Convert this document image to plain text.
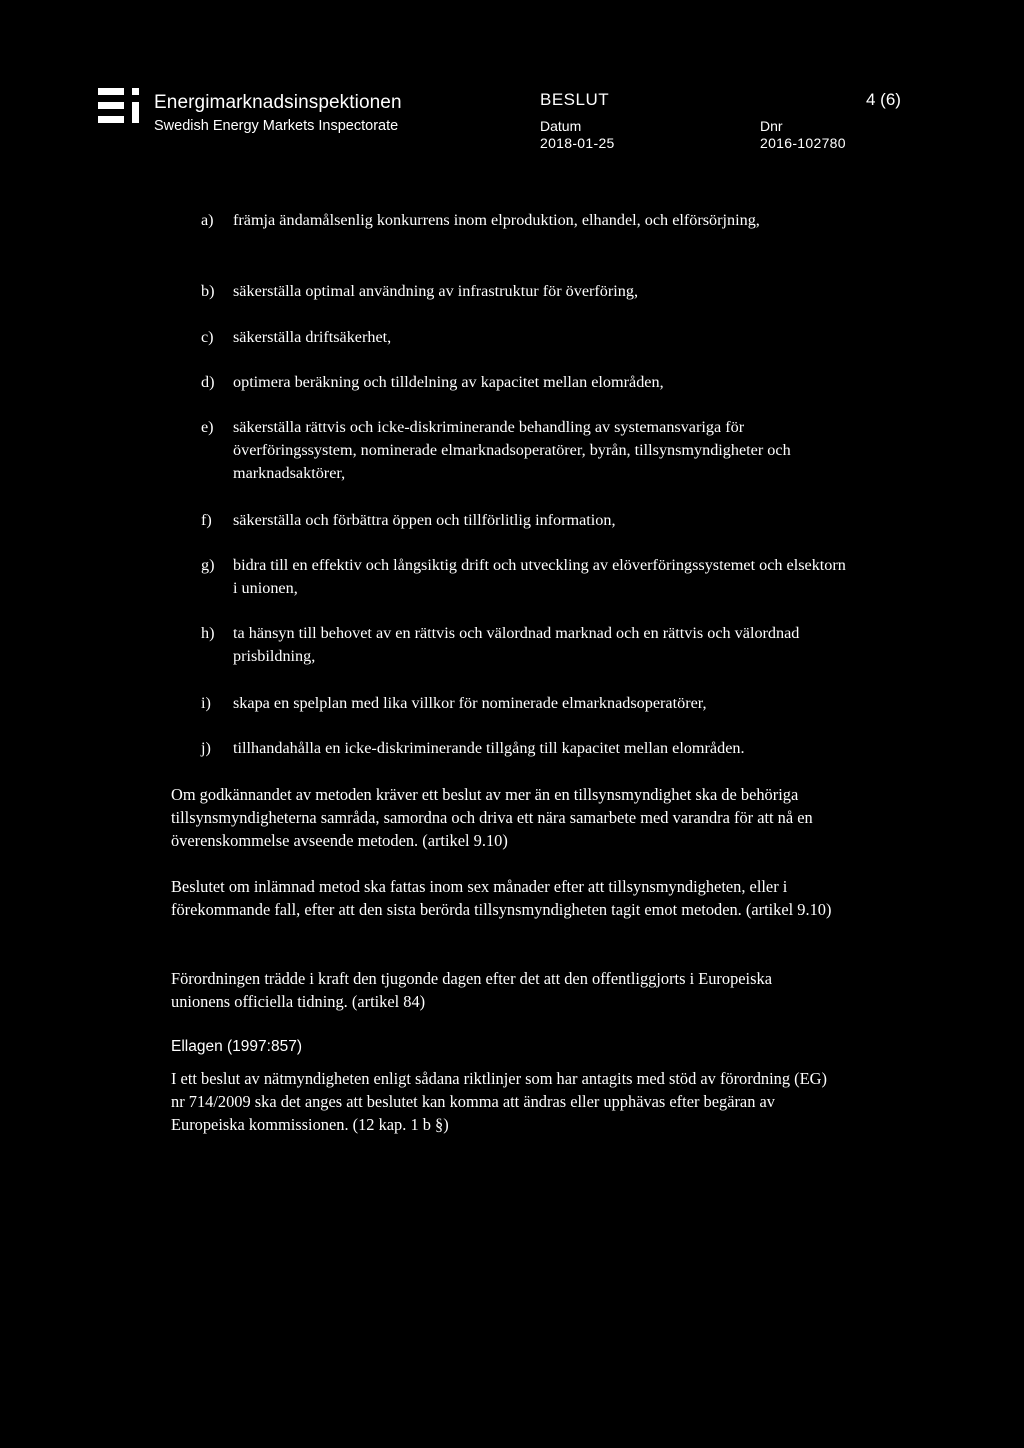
Energimarknadsinspektionen
Swedish Energy Markets Inspectorate
BESLUT	4 (6)
Datum
2018-01-25
Dnr
2016-102780
a) främja ändamålsenlig konkurrens inom elproduktion, elhandel, och elförsörjning,
b) säkerställa optimal användning av infrastruktur för överföring,
c) säkerställa driftsäkerhet,
d) optimera beräkning och tilldelning av kapacitet mellan elområden,
e) säkerställa rättvis och icke-diskriminerande behandling av systemansvariga för överföringssystem, nominerade elmarknadsoperatörer, byrån, tillsynsmyndigheter och marknadsaktörer,
f) säkerställa och förbättra öppen och tillförlitlig information,
g) bidra till en effektiv och långsiktig drift och utveckling av elöverföringssystemet och elsektorn i unionen,
h) ta hänsyn till behovet av en rättvis och välordnad marknad och en rättvis och välordnad prisbildning,
i) skapa en spelplan med lika villkor för nominerade elmarknadsoperatörer,
j) tillhandahålla en icke-diskriminerande tillgång till kapacitet mellan elområden.
Om godkännandet av metoden kräver ett beslut av mer än en tillsynsmyndighet ska de behöriga tillsynsmyndigheterna samråda, samordna och driva ett nära samarbete med varandra för att nå en överenskommelse avseende metoden. (artikel 9.10)
Beslutet om inlämnad metod ska fattas inom sex månader efter att tillsynsmyndigheten, eller i förekommande fall, efter att den sista berörda tillsynsmyndigheten tagit emot metoden. (artikel 9.10)
Förordningen trädde i kraft den tjugonde dagen efter det att den offentliggjorts i Europeiska unionens officiella tidning. (artikel 84)
Ellagen (1997:857)
I ett beslut av nätmyndigheten enligt sådana riktlinjer som har antagits med stöd av förordning (EG) nr 714/2009 ska det anges att beslutet kan komma att ändras eller upphävas efter begäran av Europeiska kommissionen. (12 kap. 1 b §)
